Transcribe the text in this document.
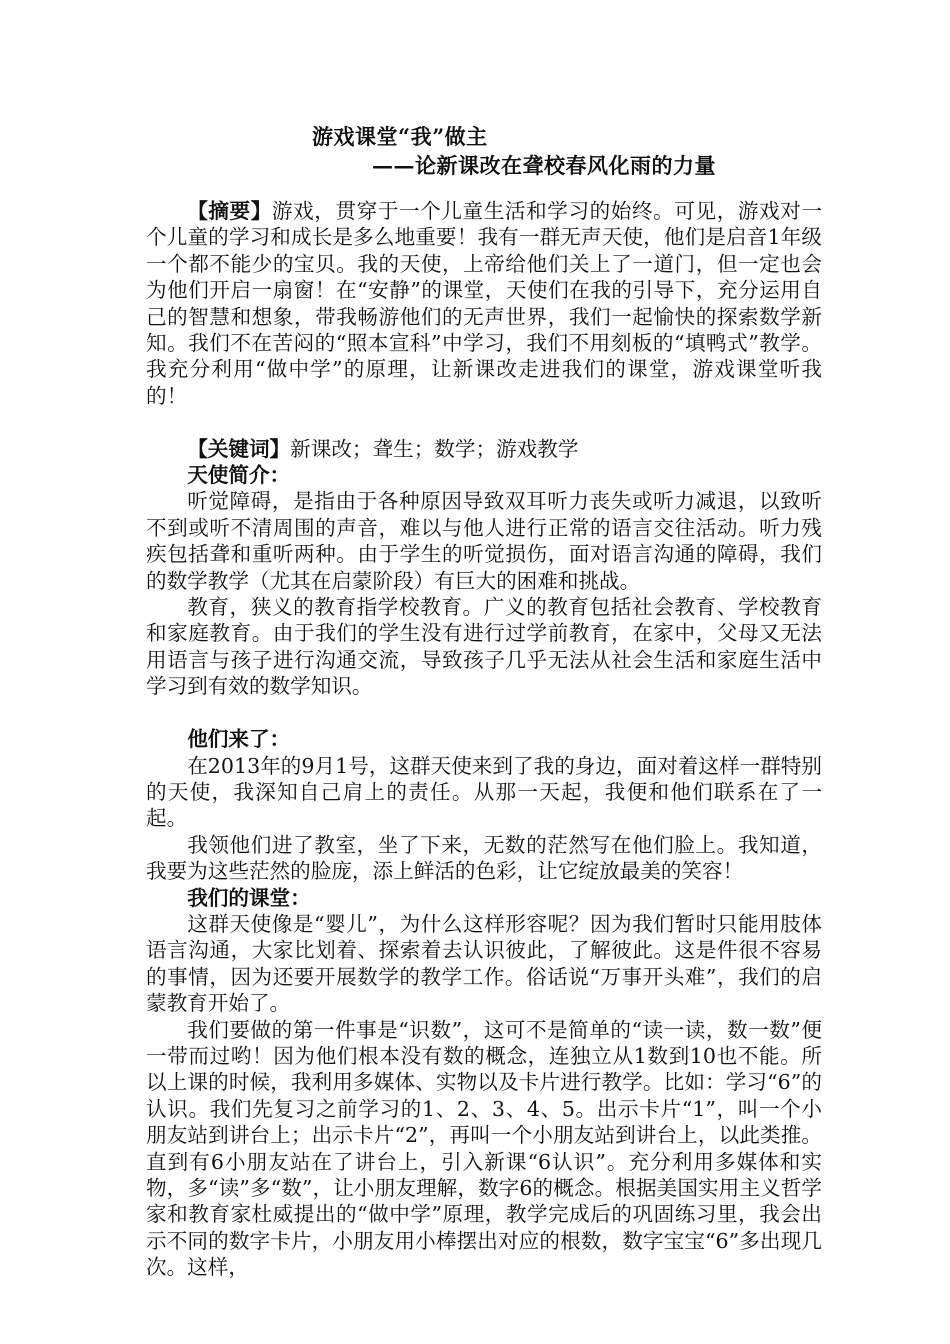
游戏课堂“我”做主
——论新课改在聋校春风化雨的力量

【摘要】游戏，贯穿于一个儿童生活和学习的始终。可见，游戏对一个儿童的学习和成长是多么地重要！我有一群无声天使，他们是启音1年级一个都不能少的宝贝。我的天使，上帝给他们关上了一道门，但一定也会为他们开启一扇窗！在“安静”的课堂，天使们在我的引导下，充分运用自己的智慧和想象，带我畅游他们的无声世界，我们一起愉快的探索数学新知。我们不在苦闷的“照本宣科”中学习，我们不用刻板的“填鸭式”教学。我充分利用“做中学”的原理，让新课改走进我们的课堂，游戏课堂听我的！

【关键词】新课改；聋生；数学；游戏教学

天使简介：

听觉障碍，是指由于各种原因导致双耳听力丧失或听力减退，以致听不到或听不清周围的声音，难以与他人进行正常的语言交往活动。听力残疾包括聋和重听两种。由于学生的听觉损伤，面对语言沟通的障碍，我们的数学教学（尤其在启蒙阶段）有巨大的困难和挑战。

教育，狭义的教育指学校教育。广义的教育包括社会教育、学校教育和家庭教育。由于我们的学生没有进行过学前教育，在家中，父母又无法用语言与孩子进行沟通交流，导致孩子几乎无法从社会生活和家庭生活中学习到有效的数学知识。

他们来了：

在2013年的9月1号，这群天使来到了我的身边，面对着这样一群特别的天使，我深知自己肩上的责任。从那一天起，我便和他们联系在了一起。

我领他们进了教室，坐了下来，无数的茫然写在他们脸上。我知道，我要为这些茫然的脸庞，添上鲜活的色彩，让它绽放最美的笑容！

我们的课堂：

这群天使像是“婴儿”，为什么这样形容呢？因为我们暂时只能用肢体语言沟通，大家比划着、探索着去认识彼此，了解彼此。这是件很不容易的事情，因为还要开展数学的教学工作。俗话说“万事开头难”，我们的启蒙教育开始了。

我们要做的第一件事是“识数”，这可不是简单的“读一读，数一数”便一带而过哟！因为他们根本没有数的概念，连独立从1数到10也不能。所以上课的时候，我利用多媒体、实物以及卡片进行教学。比如：学习“6”的认识。我们先复习之前学习的1、2、3、4、5。出示卡片“1”，叫一个小朋友站到讲台上；出示卡片“2”，再叫一个小朋友站到讲台上，以此类推。直到有6小朋友站在了讲台上，引入新课“6认识”。充分利用多媒体和实物，多“读”多“数”，让小朋友理解，数字6的概念。根据美国实用主义哲学家和教育家杜威提出的“做中学”原理，教学完成后的巩固练习里，我会出示不同的数字卡片，小朋友用小棒摆出对应的根数，数字宝宝“6”多出现几次。这样，
